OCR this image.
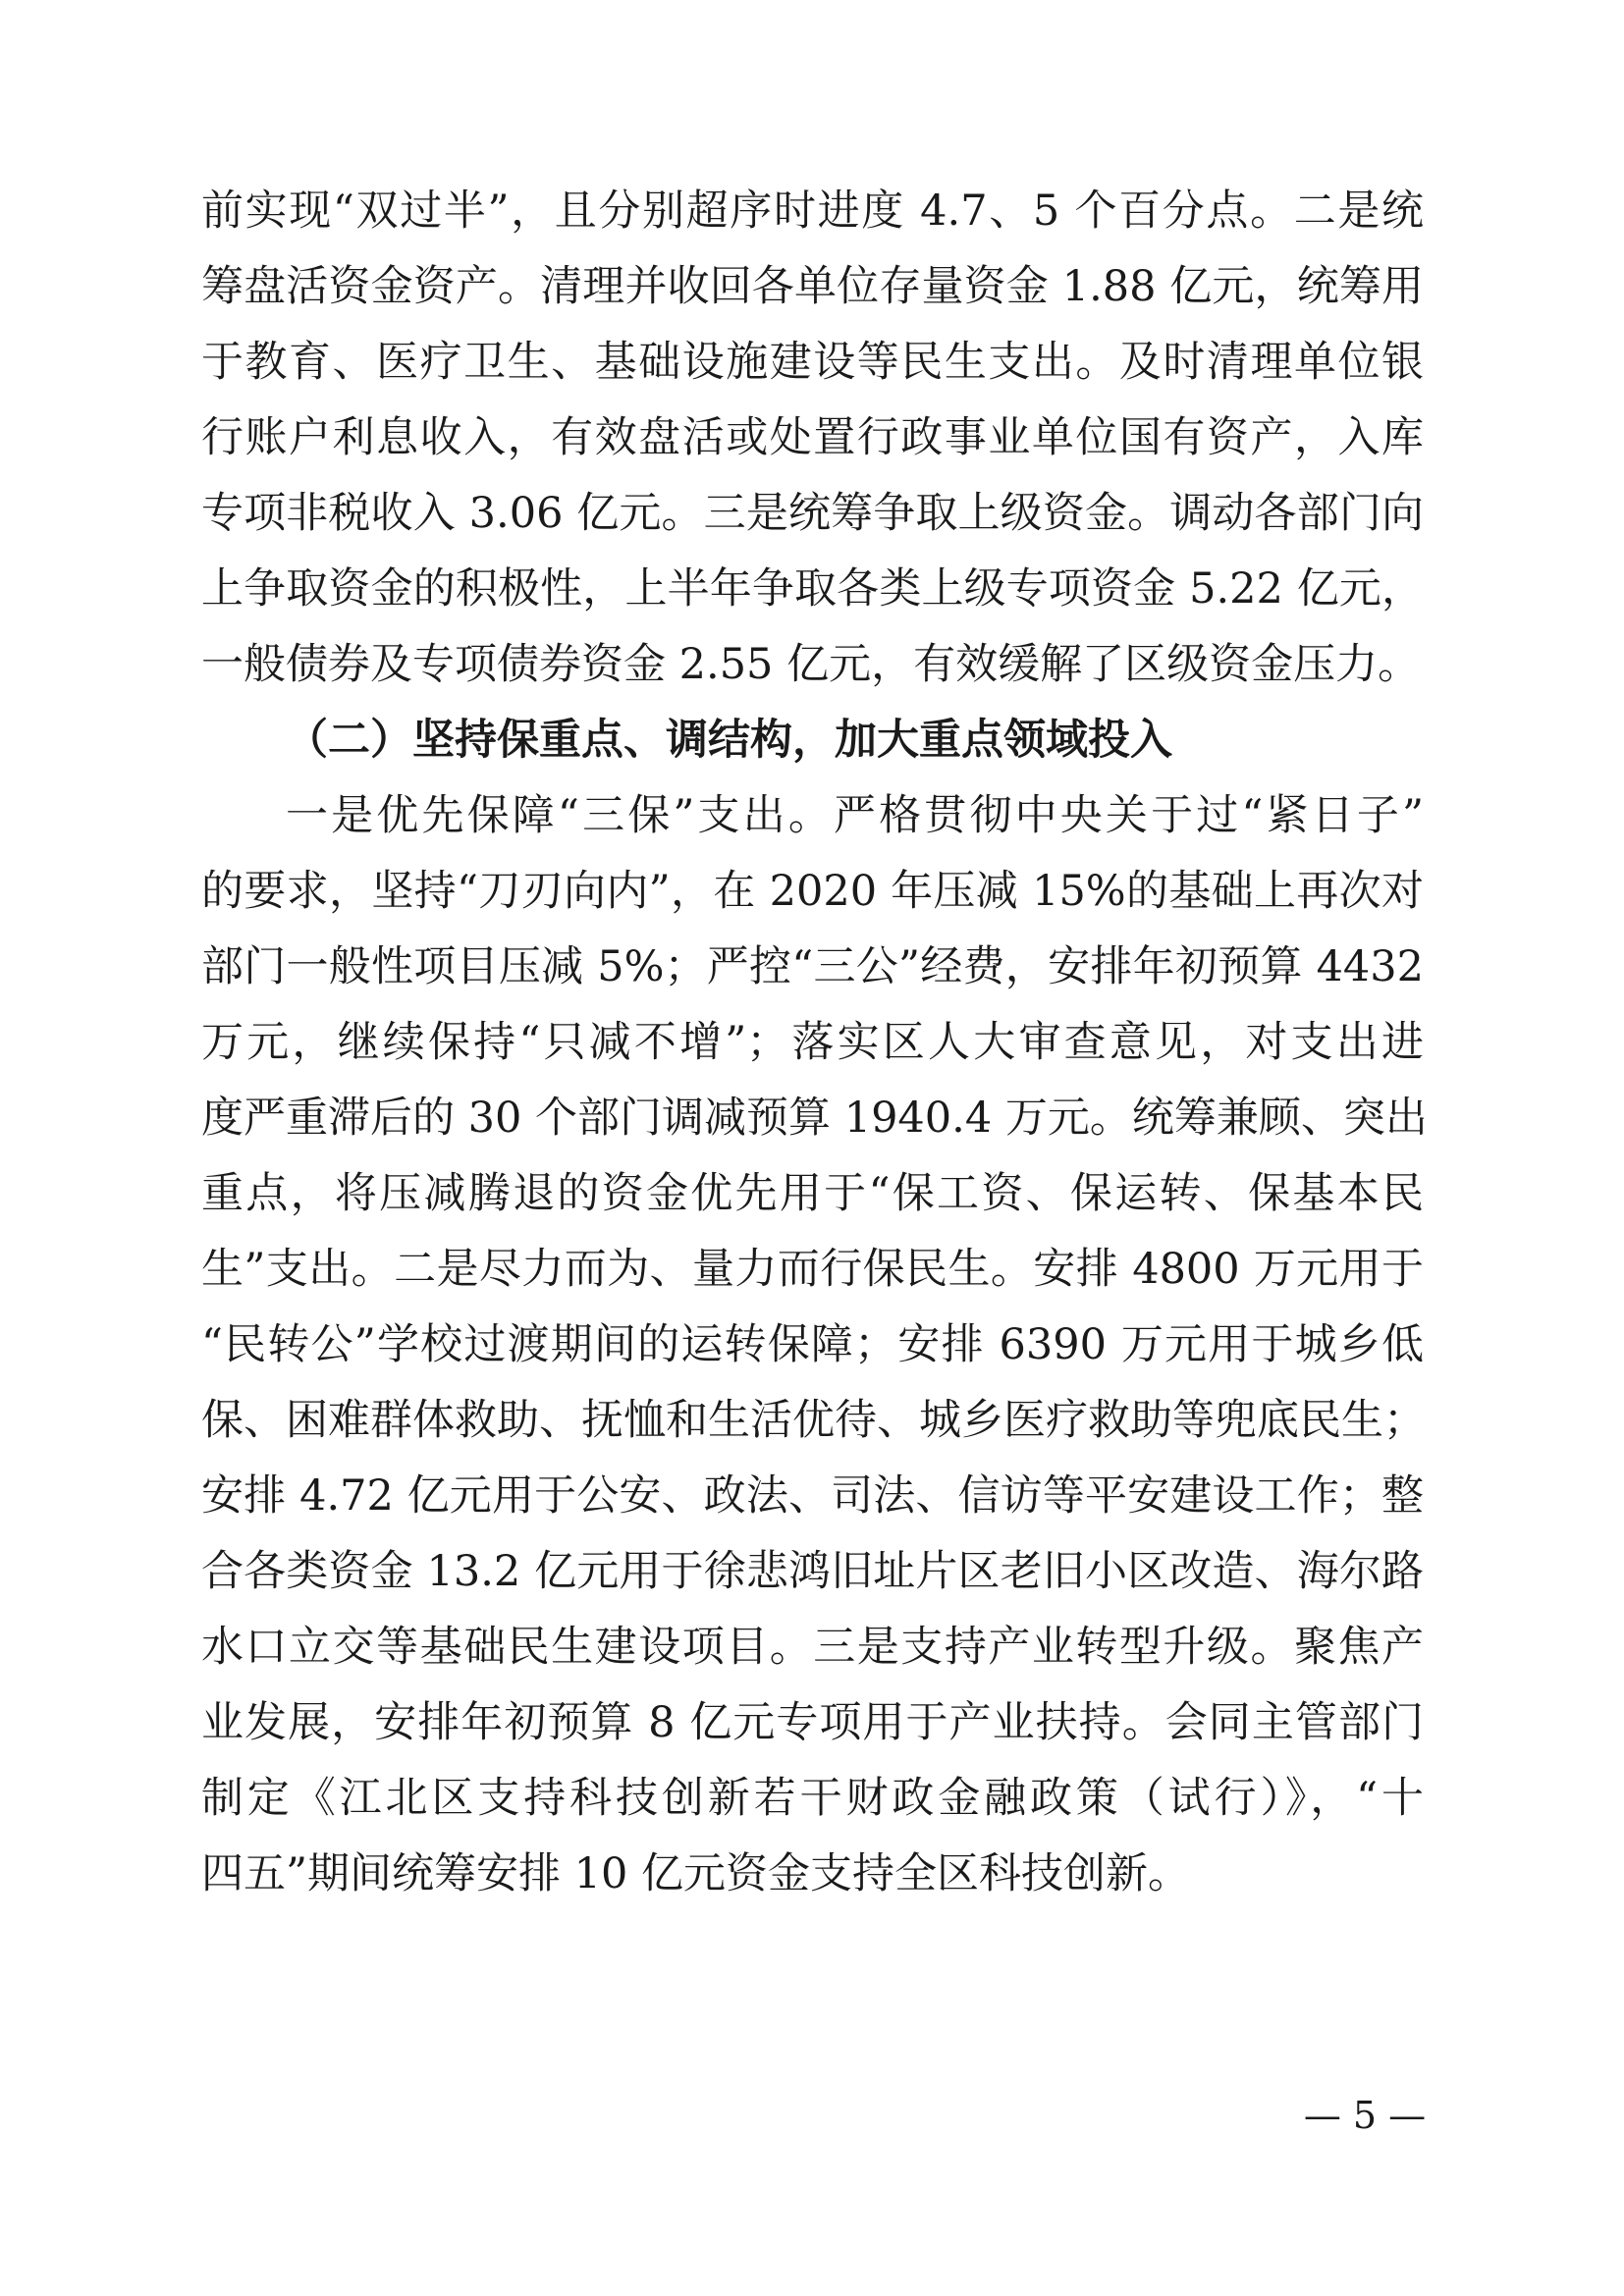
前实现“双过半”，且分别超序时进度 4.7、5 个百分点。二是统
筹盘活资金资产。清理并收回各单位存量资金 1.88 亿元，统筹用
于教育、医疗卫生、基础设施建设等民生支出。及时清理单位银
行账户利息收入，有效盘活或处置行政事业单位国有资产，入库
专项非税收入 3.06 亿元。三是统筹争取上级资金。调动各部门向
上争取资金的积极性，上半年争取各类上级专项资金 5.22 亿元，
一般债券及专项债券资金 2.55 亿元，有效缓解了区级资金压力。
（二）坚持保重点、调结构，加大重点领域投入
一是优先保障“三保”支出。严格贯彻中央关于过“紧日子”
的要求，坚持“刀刃向内”，在 2020 年压减 15%的基础上再次对
部门一般性项目压减 5%；严控“三公”经费，安排年初预算 4432
万元，继续保持“只减不增”；落实区人大审查意见，对支出进
度严重滞后的 30 个部门调减预算 1940.4 万元。统筹兼顾、突出
重点，将压减腾退的资金优先用于“保工资、保运转、保基本民
生”支出。二是尽力而为、量力而行保民生。安排 4800 万元用于
“民转公”学校过渡期间的运转保障；安排 6390 万元用于城乡低
保、困难群体救助、抚恤和生活优待、城乡医疗救助等兜底民生；
安排 4.72 亿元用于公安、政法、司法、信访等平安建设工作；整
合各类资金 13.2 亿元用于徐悲鸿旧址片区老旧小区改造、海尔路
水口立交等基础民生建设项目。三是支持产业转型升级。聚焦产
业发展，安排年初预算 8 亿元专项用于产业扶持。会同主管部门
制定《江北区支持科技创新若干财政金融政策（试行）》，“十
四五”期间统筹安排 10 亿元资金支持全区科技创新。
— 5 —
